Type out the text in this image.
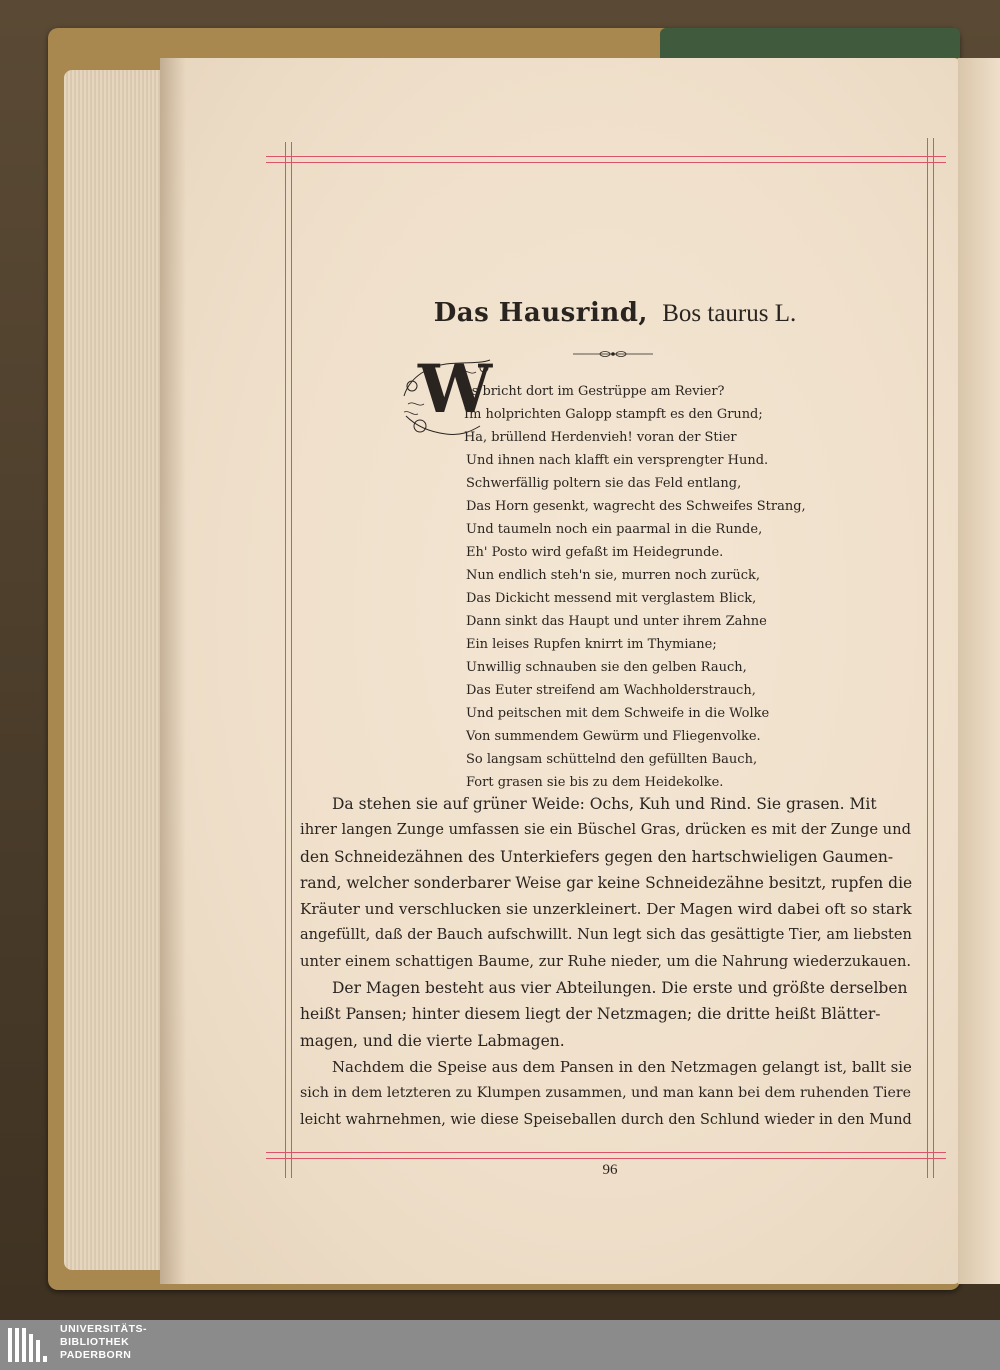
Das Hausrind, Bos taurus L.
W
as bricht dort im Gestrüppe am Revier?
Im holprichten Galopp stampft es den Grund;
Ha, brüllend Herdenvieh! voran der Stier
Und ihnen nach klafft ein versprengter Hund.
Schwerfällig poltern sie das Feld entlang,
Das Horn gesenkt, wagrecht des Schweifes Strang,
Und taumeln noch ein paarmal in die Runde,
Eh' Posto wird gefaßt im Heidegrunde.
Nun endlich steh'n sie, murren noch zurück,
Das Dickicht messend mit verglastem Blick,
Dann sinkt das Haupt und unter ihrem Zahne
Ein leises Rupfen knirrt im Thymiane;
Unwillig schnauben sie den gelben Rauch,
Das Euter streifend am Wachholderstrauch,
Und peitschen mit dem Schweife in die Wolke
Von summendem Gewürm und Fliegenvolke.
So langsam schüttelnd den gefüllten Bauch,
Fort grasen sie bis zu dem Heidekolke.
Da stehen sie auf grüner Weide: Ochs, Kuh und Rind. Sie grasen. Mit
ihrer langen Zunge umfassen sie ein Büschel Gras, drücken es mit der Zunge und
den Schneidezähnen des Unterkiefers gegen den hartschwieligen Gaumen-
rand, welcher sonderbarer Weise gar keine Schneidezähne besitzt, rupfen die
Kräuter und verschlucken sie unzerkleinert. Der Magen wird dabei oft so stark
angefüllt, daß der Bauch aufschwillt. Nun legt sich das gesättigte Tier, am liebsten
unter einem schattigen Baume, zur Ruhe nieder, um die Nahrung wiederzukauen.
Der Magen besteht aus vier Abteilungen. Die erste und größte derselben
heißt Pansen; hinter diesem liegt der Netzmagen; die dritte heißt Blätter-
magen, und die vierte Labmagen.
Nachdem die Speise aus dem Pansen in den Netzmagen gelangt ist, ballt sie
sich in dem letzteren zu Klumpen zusammen, und man kann bei dem ruhenden Tiere
leicht wahrnehmen, wie diese Speiseballen durch den Schlund wieder in den Mund
96
UNIVERSITÄTS-
BIBLIOTHEK
PADERBORN
